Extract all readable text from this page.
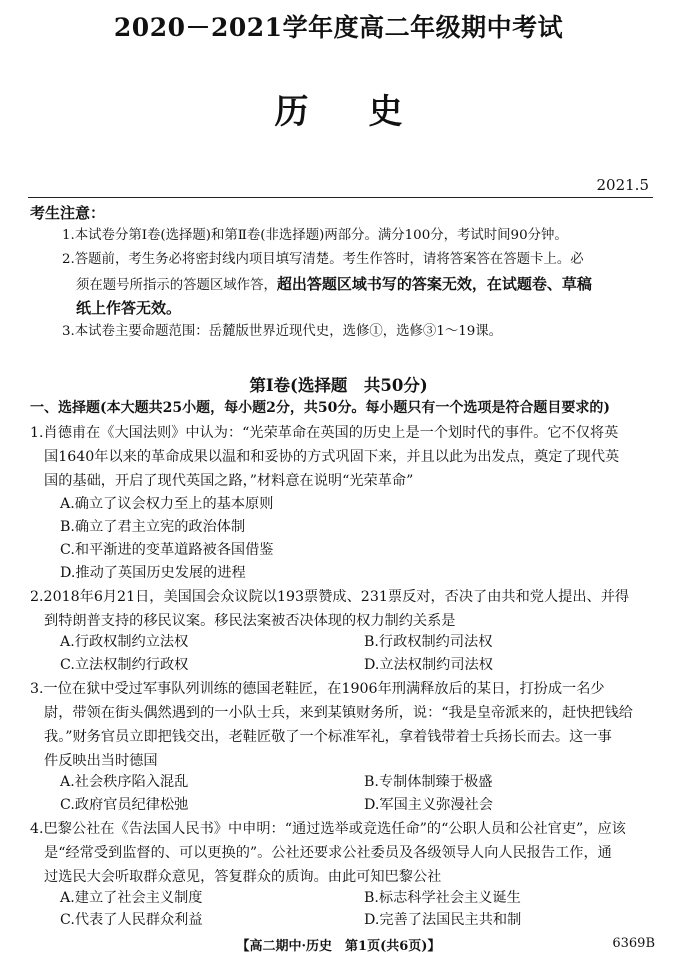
2020－2021学年度高二年级期中考试
历史
2021.5
考生注意：
1.本试卷分第Ⅰ卷(选择题)和第Ⅱ卷(非选择题)两部分。满分100分，考试时间90分钟。
2.答题前，考生务必将密封线内项目填写清楚。考生作答时，请将答案答在答题卡上。必
须在题号所指示的答题区域作答，超出答题区域书写的答案无效，在试题卷、草稿
纸上作答无效。
3.本试卷主要命题范围：岳麓版世界近现代史，选修①，选修③1～19课。
第Ⅰ卷(选择题　共50分)
一、选择题(本大题共25小题，每小题2分，共50分。每小题只有一个选项是符合题目要求的)
1.肖德甫在《大国法则》中认为：“光荣革命在英国的历史上是一个划时代的事件。它不仅将英
国1640年以来的革命成果以温和和妥协的方式巩固下来，并且以此为出发点，奠定了现代英
国的基础，开启了现代英国之路，”材料意在说明“光荣革命”
A.确立了议会权力至上的基本原则
B.确立了君主立宪的政治体制
C.和平渐进的变革道路被各国借鉴
D.推动了英国历史发展的进程
2.2018年6月21日，美国国会众议院以193票赞成、231票反对，否决了由共和党人提出、并得
到特朗普支持的移民议案。移民法案被否决体现的权力制约关系是
A.行政权制约立法权	B.行政权制约司法权
C.立法权制约行政权	D.立法权制约司法权
3.一位在狱中受过军事队列训练的德国老鞋匠，在1906年刑满释放后的某日，打扮成一名少
尉，带领在街头偶然遇到的一小队士兵，来到某镇财务所，说：“我是皇帝派来的，赶快把钱给
我。”财务官员立即把钱交出，老鞋匠敬了一个标准军礼，拿着钱带着士兵扬长而去。这一事
件反映出当时德国
A.社会秩序陷入混乱	B.专制体制臻于极盛
C.政府官员纪律松弛	D.军国主义弥漫社会
4.巴黎公社在《告法国人民书》中申明：“通过选举或竞选任命”的“公职人员和公社官吏”，应该
是“经常受到监督的、可以更换的”。公社还要求公社委员及各级领导人向人民报告工作，通
过选民大会听取群众意见，答复群众的质询。由此可知巴黎公社
A.建立了社会主义制度	B.标志科学社会主义诞生
C.代表了人民群众利益	D.完善了法国民主共和制
【高二期中·历史　第1页(共6页)】	6369B
